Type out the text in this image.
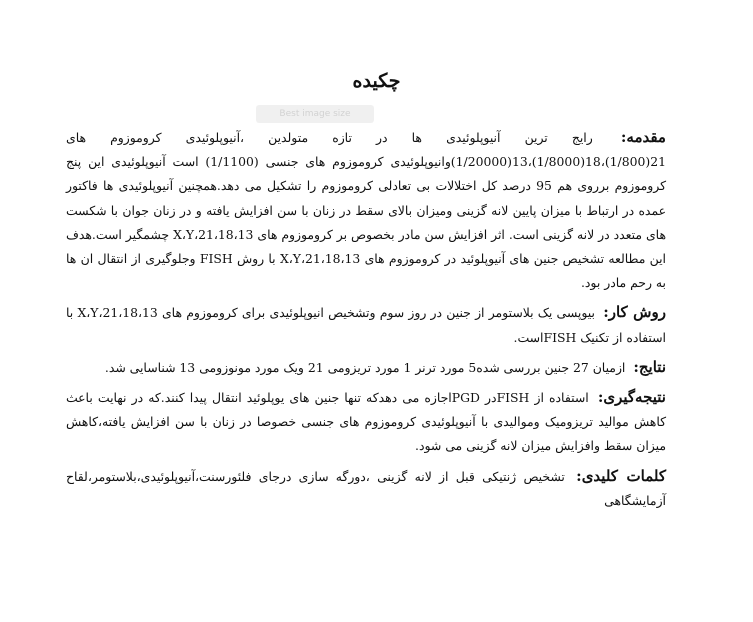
چکیده
Best image size

مقدمه: رایج ترین آنیوپلوئیدی ها در تازه متولدین ،آنیوپلوئیدی کروموزوم های 21(1/800)،18(1/8000)،13(1/20000)وانیوپلوئیدی کروموزوم های جنسی (1/1100) است آنیوپلوئیدی این پنج کروموزوم برروی هم 95 درصد کل اختلالات بی تعادلی کروموزوم را تشکیل می دهد.همچنین آنیوپلوئیدی ها فاکتور عمده در ارتباط با میزان پایین لانه گزینی ومیزان بالای سقط در زنان با سن افزایش یافته و در زنان جوان با شکست های متعدد در لانه گزینی است. اثر افزایش سن مادر بخصوص بر کروموزوم های 21،18،13،X،Y چشمگیر است.هدف این مطالعه تشخیص جنین های آنیوپلوئید در کروموزوم های 21،18،13،X،Y با روش FISH وجلوگیری از انتقال ان ها به رحم مادر بود.

روش کار: بیوپسی یک بلاستومر از جنین در روز سوم وتشخیص انیوپلوئیدی برای کروموزوم های 21،18،13،X،Y با استفاده از تکنیک FISHاست.

نتایج: ازمیان 27 جنین بررسی شده5 مورد ترنر 1 مورد تریزومی 21 ویک مورد مونوزومی 13 شناسایی شد.

نتیجه‌گیری: استفاده از FISHدر PGDاجازه می دهدکه تنها جنین های یوپلوئید انتقال پیدا کنند.که در نهایت باعث کاهش موالید تریزومیک وموالیدی با آنیوپلوئیدی کروموزوم های جنسی خصوصا در زنان با سن افزایش یافته،کاهش میزان سقط وافزایش میزان لانه گزینی می شود.

کلمات کلیدی: تشخیص ژنتیکی قبل از لانه گزینی ،دورگه سازی درجای فلئورسنت،آنیوپلوئیدی،بلاستومر،لقاح آزمایشگاهی
